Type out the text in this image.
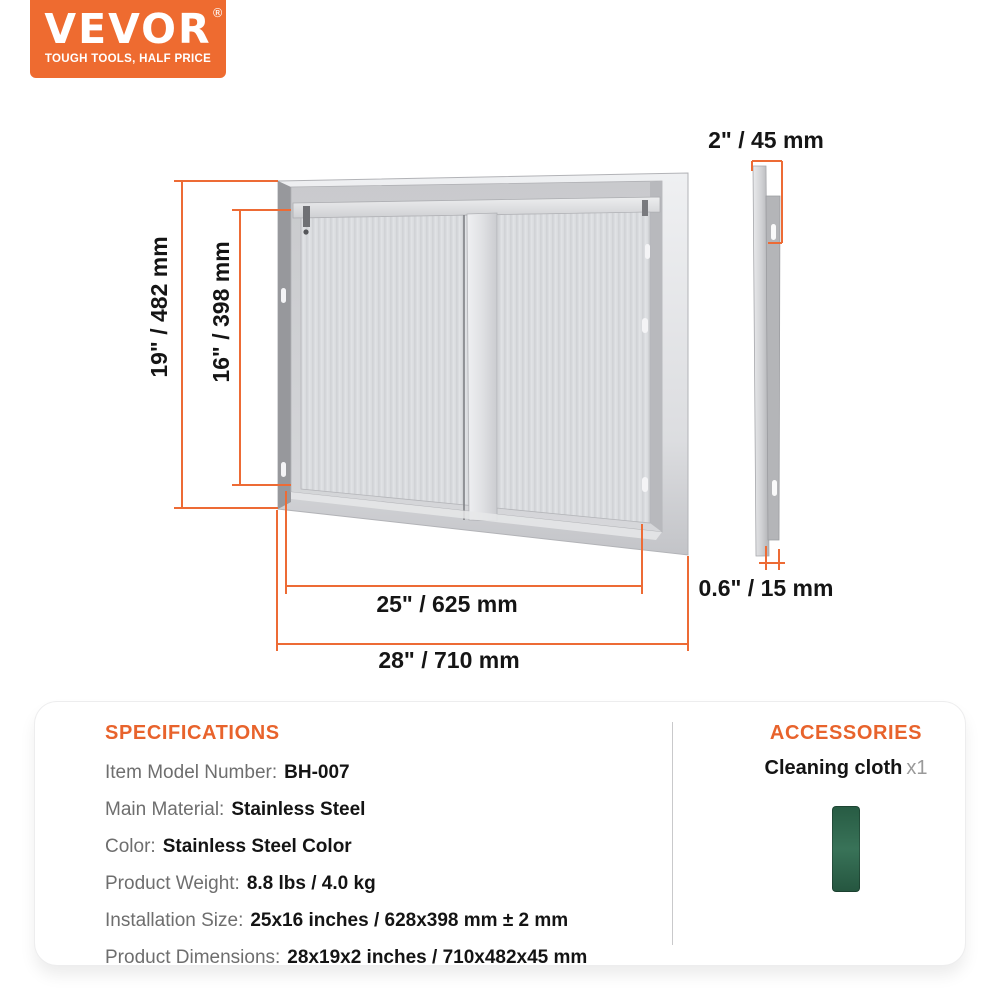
VEVOR ®
TOUGH TOOLS, HALF PRICE
19" / 482 mm 16" / 398 mm
2" / 45 mm
25" / 625 mm
28" / 710 mm
0.6" / 15 mm
SPECIFICATIONS
Item Model Number: BH-007
Main Material: Stainless Steel
Color: Stainless Steel Color
Product Weight: 8.8 lbs / 4.0 kg
Installation Size: 25x16 inches / 628x398 mm ± 2 mm
Product Dimensions: 28x19x2 inches / 710x482x45 mm
ACCESSORIES
Cleaning cloth x1
